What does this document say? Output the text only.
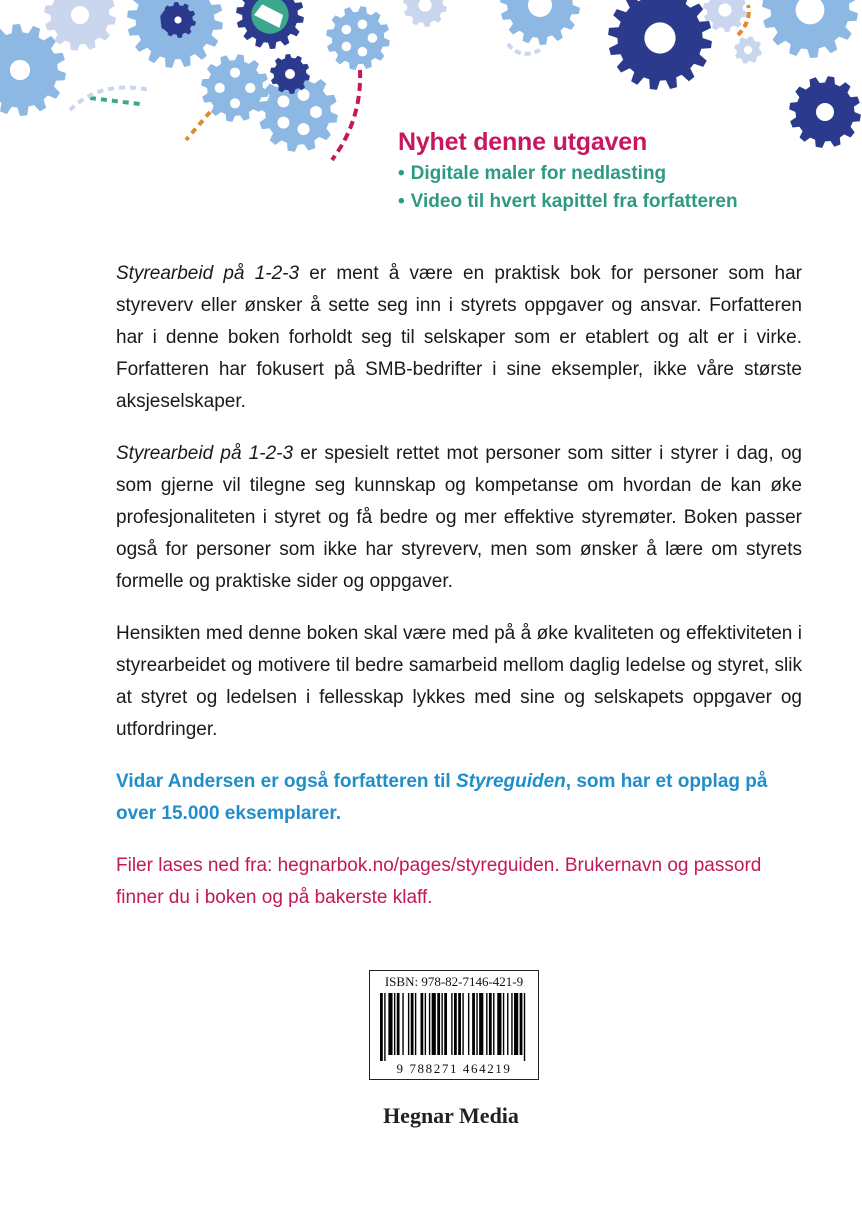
Nyhet denne utgaven
• Digitale maler for nedlasting
• Video til hvert kapittel fra forfatteren

Styrearbeid på 1-2-3 er ment å være en praktisk bok for personer som har styreverv eller ønsker å sette seg inn i styrets oppgaver og ansvar. Forfatteren har i denne boken forholdt seg til selskaper som er etablert og alt er i virke. Forfatteren har fokusert på SMB-bedrifter i sine eksempler, ikke våre største aksjeselskaper.

Styrearbeid på 1-2-3 er spesielt rettet mot personer som sitter i styrer i dag, og som gjerne vil tilegne seg kunnskap og kompetanse om hvordan de kan øke profesjonaliteten i styret og få bedre og mer effektive styremøter. Boken passer også for personer som ikke har styreverv, men som ønsker å lære om styrets formelle og praktiske sider og oppgaver.

Hensikten med denne boken skal være med på å øke kvaliteten og effektiviteten i styrearbeidet og motivere til bedre samarbeid mellom daglig ledelse og styret, slik at styret og ledelsen i fellesskap lykkes med sine og selskapets oppgaver og utfordringer.

Vidar Andersen er også forfatteren til Styreguiden, som har et opplag på over 15.000 eksemplarer.

Filer lases ned fra: hegnarbok.no/pages/styreguiden. Brukernavn og passord finner du i boken og på bakerste klaff.

ISBN: 978-82-7146-421-9
9 788271 464219
Hegnar Media
